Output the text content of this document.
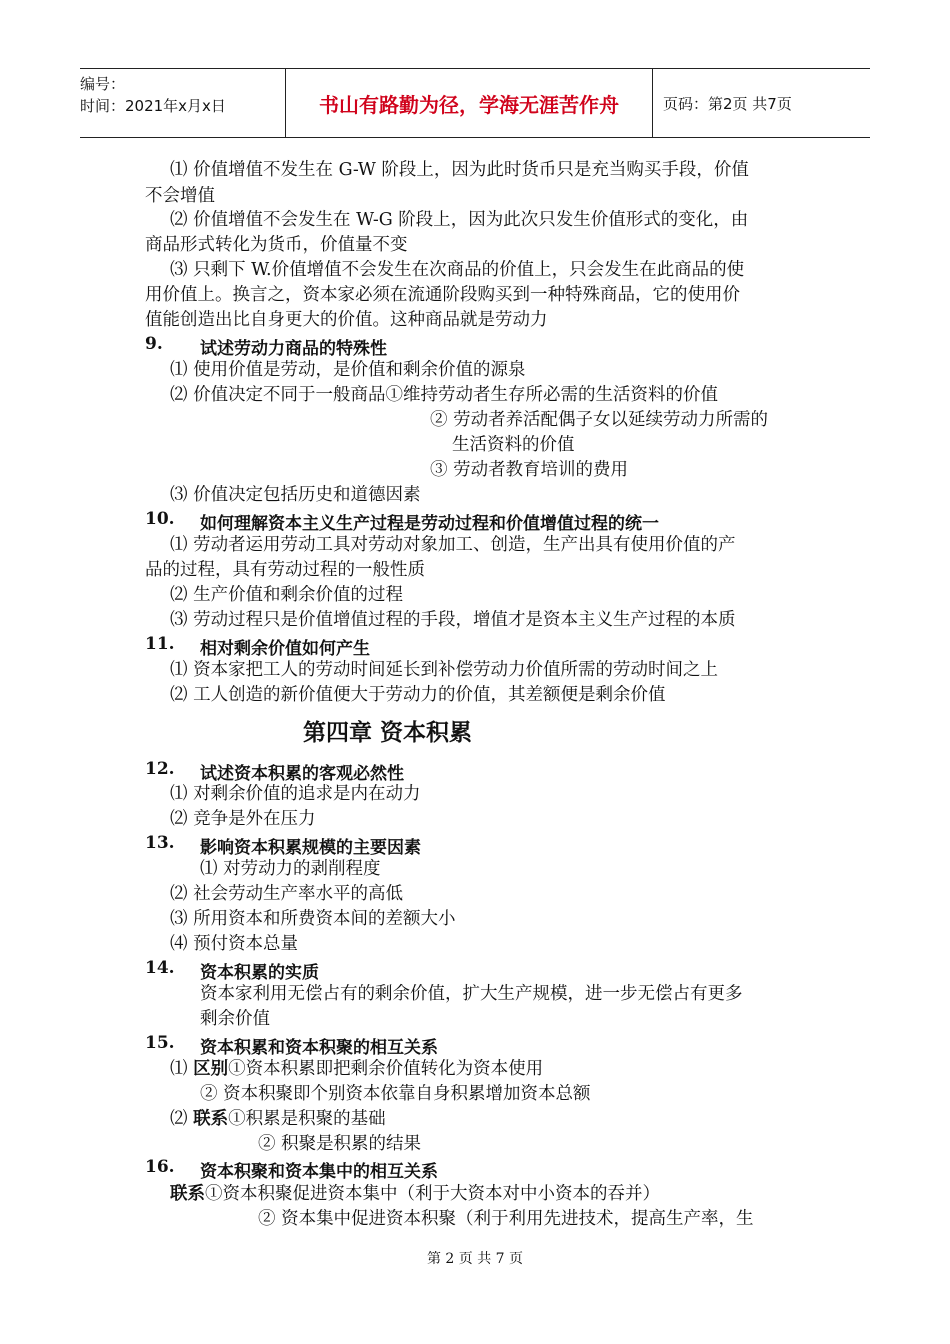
编号：
时间：2021年x月x日	书山有路勤为径，学海无涯苦作舟	页码：第2页 共7页
⑴ 价值增值不发生在 G-W 阶段上，因为此时货币只是充当购买手段，价值
不会增值
⑵ 价值增值不会发生在 W-G 阶段上，因为此次只发生价值形式的变化，由
商品形式转化为货币，价值量不变
⑶ 只剩下 W.价值增值不会发生在次商品的价值上，只会发生在此商品的使
用价值上。换言之，资本家必须在流通阶段购买到一种特殊商品，它的使用价
值能创造出比自身更大的价值。这种商品就是劳动力
9. 试述劳动力商品的特殊性
⑴ 使用价值是劳动，是价值和剩余价值的源泉
⑵ 价值决定不同于一般商品①维持劳动者生存所必需的生活资料的价值
② 劳动者养活配偶子女以延续劳动力所需的
生活资料的价值
③ 劳动者教育培训的费用
⑶ 价值决定包括历史和道德因素
10. 如何理解资本主义生产过程是劳动过程和价值增值过程的统一
⑴ 劳动者运用劳动工具对劳动对象加工、创造，生产出具有使用价值的产
品的过程，具有劳动过程的一般性质
⑵ 生产价值和剩余价值的过程
⑶ 劳动过程只是价值增值过程的手段，增值才是资本主义生产过程的本质
11. 相对剩余价值如何产生
⑴ 资本家把工人的劳动时间延长到补偿劳动力价值所需的劳动时间之上
⑵ 工人创造的新价值便大于劳动力的价值，其差额便是剩余价值
第四章 资本积累
12. 试述资本积累的客观必然性
⑴ 对剩余价值的追求是内在动力
⑵ 竞争是外在压力
13. 影响资本积累规模的主要因素
⑴ 对劳动力的剥削程度
⑵ 社会劳动生产率水平的高低
⑶ 所用资本和所费资本间的差额大小
⑷ 预付资本总量
14. 资本积累的实质
资本家利用无偿占有的剩余价值，扩大生产规模，进一步无偿占有更多
剩余价值
15. 资本积累和资本积聚的相互关系
⑴ 区别①资本积累即把剩余价值转化为资本使用
② 资本积聚即个别资本依靠自身积累增加资本总额
⑵ 联系①积累是积聚的基础
② 积聚是积累的结果
16. 资本积聚和资本集中的相互关系
联系①资本积聚促进资本集中（利于大资本对中小资本的吞并）
② 资本集中促进资本积聚（利于利用先进技术，提高生产率，生
第 2 页 共 7 页
